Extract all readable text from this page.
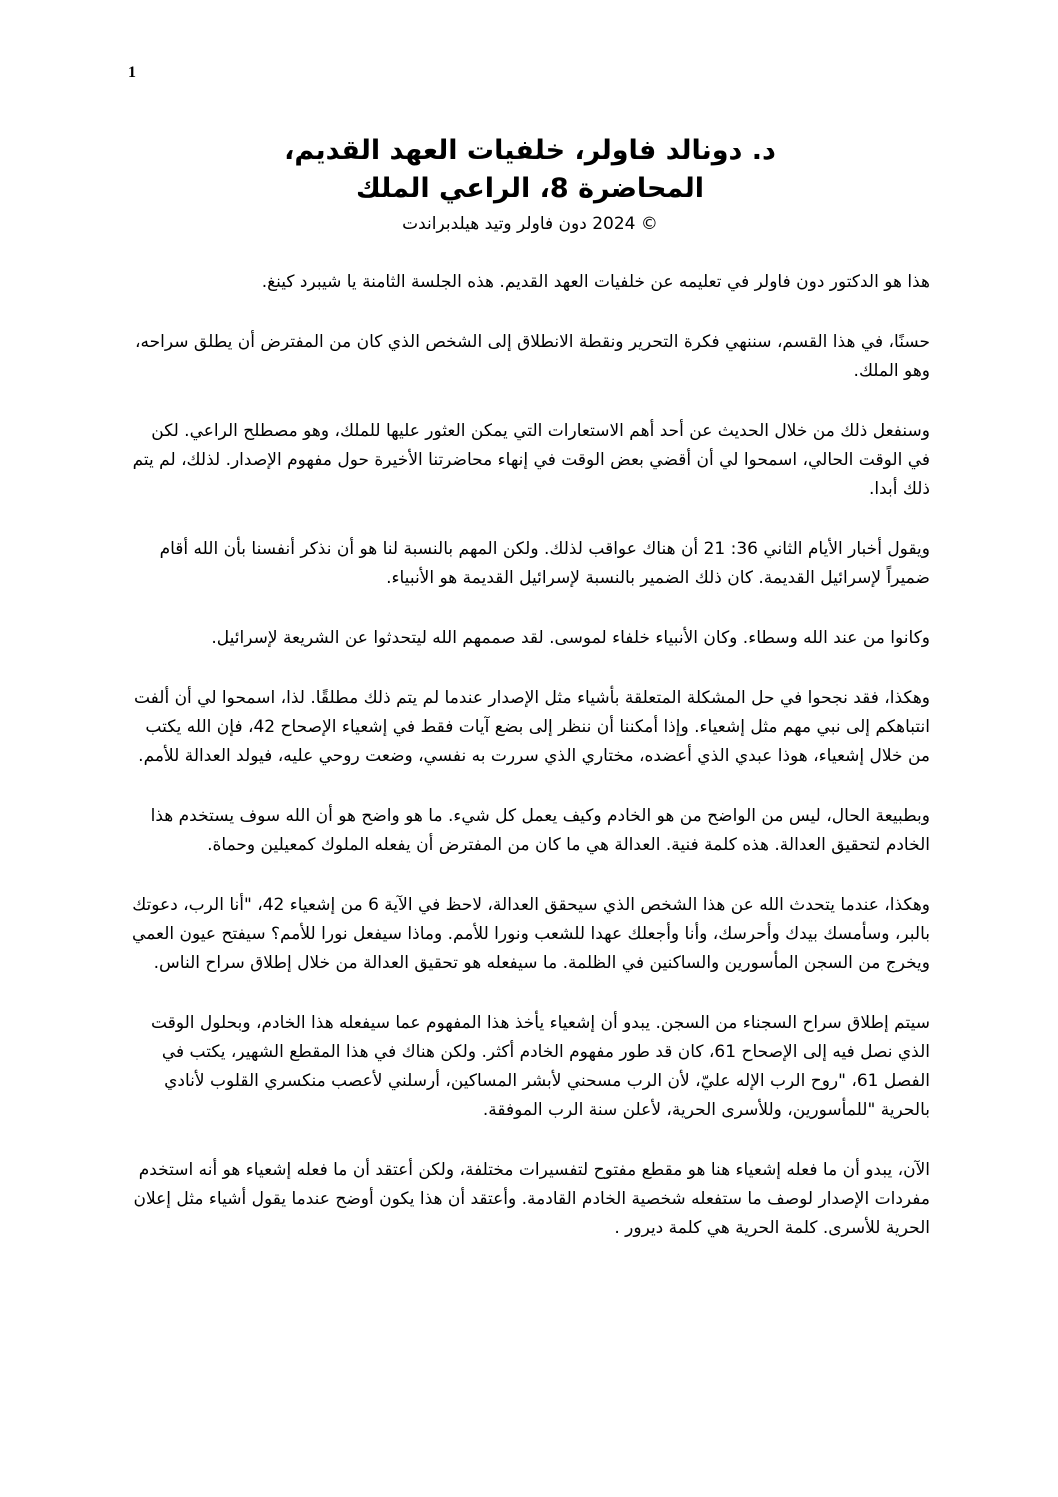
1
د. دونالد فاولر، خلفيات العهد القديم،
المحاضرة 8، الراعي الملك

© 2024 دون فاولر وتيد هيلدبراندت

هذا هو الدكتور دون فاولر في تعليمه عن خلفيات العهد القديم. هذه الجلسة الثامنة يا شيبرد كينغ.

حسنًا، في هذا القسم، سننهي فكرة التحرير ونقطة الانطلاق إلى الشخص الذي كان من المفترض أن يطلق سراحه، وهو الملك.

وسنفعل ذلك من خلال الحديث عن أحد أهم الاستعارات التي يمكن العثور عليها للملك، وهو مصطلح الراعي. لكن في الوقت الحالي، اسمحوا لي أن أقضي بعض الوقت في إنهاء محاضرتنا الأخيرة حول مفهوم الإصدار. لذلك، لم يتم ذلك أبدا.

ويقول أخبار الأيام الثاني 36: 21 أن هناك عواقب لذلك. ولكن المهم بالنسبة لنا هو أن نذكر أنفسنا بأن الله أقام ضميراً لإسرائيل القديمة. كان ذلك الضمير بالنسبة لإسرائيل القديمة هو الأنبياء.

وكانوا من عند الله وسطاء. وكان الأنبياء خلفاء لموسى. لقد صممهم الله ليتحدثوا عن الشريعة لإسرائيل.

وهكذا، فقد نجحوا في حل المشكلة المتعلقة بأشياء مثل الإصدار عندما لم يتم ذلك مطلقًا. لذا، اسمحوا لي أن ألفت انتباهكم إلى نبي مهم مثل إشعياء. وإذا أمكننا أن ننظر إلى بضع آيات فقط في إشعياء الإصحاح 42، فإن الله يكتب من خلال إشعياء، هوذا عبدي الذي أعضده، مختاري الذي سررت به نفسي، وضعت روحي عليه، فيولد العدالة للأمم.

وبطبيعة الحال، ليس من الواضح من هو الخادم وكيف يعمل كل شيء. ما هو واضح هو أن الله سوف يستخدم هذا الخادم لتحقيق العدالة. هذه كلمة فنية. العدالة هي ما كان من المفترض أن يفعله الملوك كمعيلين وحماة.

وهكذا، عندما يتحدث الله عن هذا الشخص الذي سيحقق العدالة، لاحظ في الآية 6 من إشعياء 42، "أنا الرب، دعوتك بالبر، وسأمسك بيدك وأحرسك، وأنا وأجعلك عهدا للشعب ونورا للأمم. وماذا سيفعل نورا للأمم؟ سيفتح عيون العمي ويخرج من السجن المأسورين والساكنين في الظلمة. ما سيفعله هو تحقيق العدالة من خلال إطلاق سراح الناس.

سيتم إطلاق سراح السجناء من السجن. يبدو أن إشعياء يأخذ هذا المفهوم عما سيفعله هذا الخادم، وبحلول الوقت الذي نصل فيه إلى الإصحاح 61، كان قد طور مفهوم الخادم أكثر. ولكن هناك في هذا المقطع الشهير، يكتب في الفصل 61، "روح الرب الإله عليّ، لأن الرب مسحني لأبشر المساكين، أرسلني لأعصب منكسري القلوب لأنادي بالحرية "للمأسورين، وللأسرى الحرية، لأعلن سنة الرب الموفقة.

الآن، يبدو أن ما فعله إشعياء هنا هو مقطع مفتوح لتفسيرات مختلفة، ولكن أعتقد أن ما فعله إشعياء هو أنه استخدم مفردات الإصدار لوصف ما ستفعله شخصية الخادم القادمة. وأعتقد أن هذا يكون أوضح عندما يقول أشياء مثل إعلان الحرية للأسرى. كلمة الحرية هي كلمة ديرور .
